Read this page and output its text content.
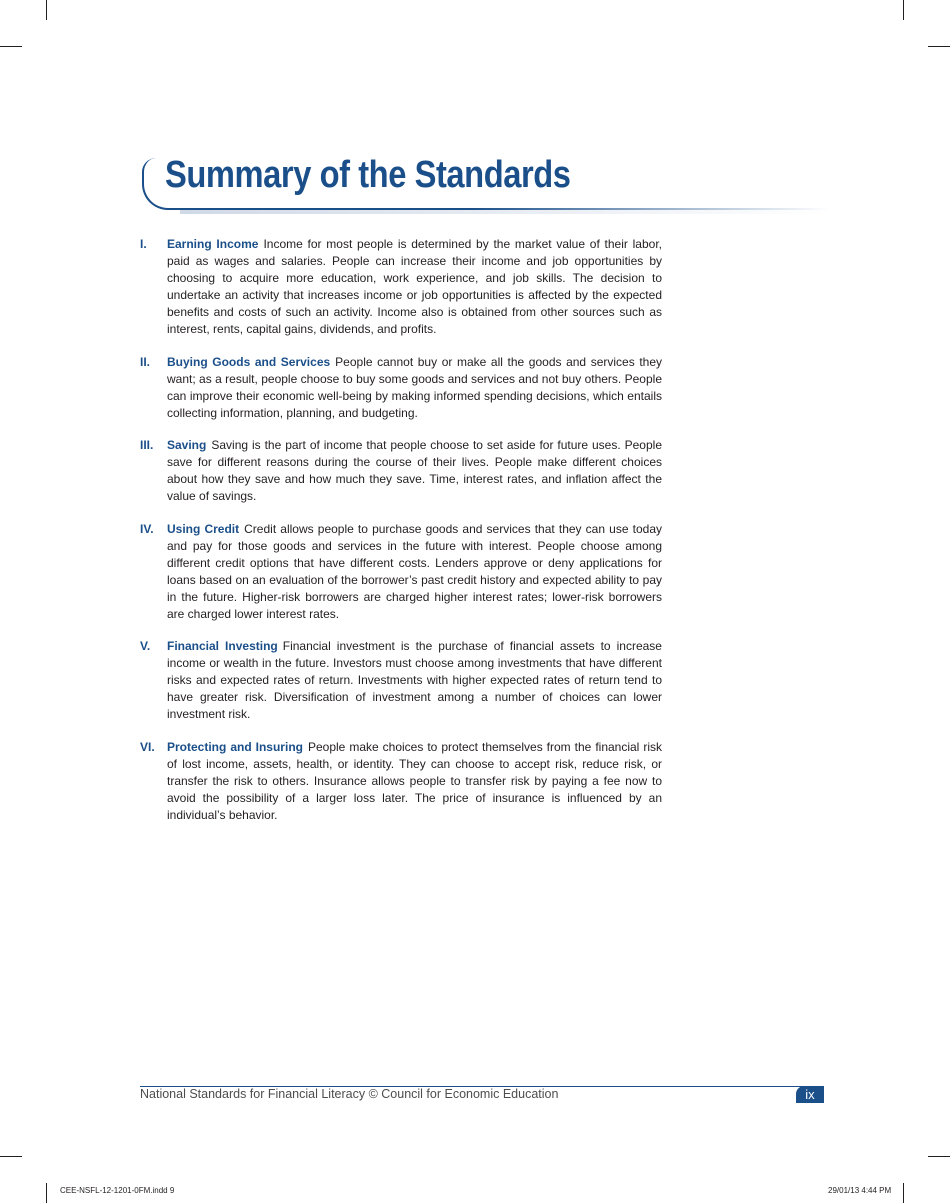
Summary of the Standards
I. Earning Income Income for most people is determined by the market value of their labor, paid as wages and salaries. People can increase their income and job opportunities by choosing to acquire more education, work experience, and job skills. The decision to undertake an activity that increases income or job opportunities is affected by the expected benefits and costs of such an activity. Income also is obtained from other sources such as interest, rents, capital gains, dividends, and profits.
II. Buying Goods and Services People cannot buy or make all the goods and services they want; as a result, people choose to buy some goods and services and not buy others. People can improve their economic well-being by making informed spending decisions, which entails collecting information, planning, and budgeting.
III. Saving Saving is the part of income that people choose to set aside for future uses. People save for different reasons during the course of their lives. People make different choices about how they save and how much they save. Time, interest rates, and inflation affect the value of savings.
IV. Using Credit Credit allows people to purchase goods and services that they can use today and pay for those goods and services in the future with interest. People choose among different credit options that have different costs. Lenders approve or deny applications for loans based on an evaluation of the borrower’s past credit history and expected ability to pay in the future. Higher-risk borrowers are charged higher interest rates; lower-risk borrowers are charged lower interest rates.
V. Financial Investing Financial investment is the purchase of financial assets to increase income or wealth in the future. Investors must choose among investments that have different risks and expected rates of return. Investments with higher expected rates of return tend to have greater risk. Diversification of investment among a number of choices can lower investment risk.
VI. Protecting and Insuring People make choices to protect themselves from the financial risk of lost income, assets, health, or identity. They can choose to accept risk, reduce risk, or transfer the risk to others. Insurance allows people to transfer risk by paying a fee now to avoid the possibility of a larger loss later. The price of insurance is influenced by an individual’s behavior.
National Standards for Financial Literacy © Council for Economic Education	ix
CEE-NSFL-12-1201-0FM.indd 9	29/01/13 4:44 PM
